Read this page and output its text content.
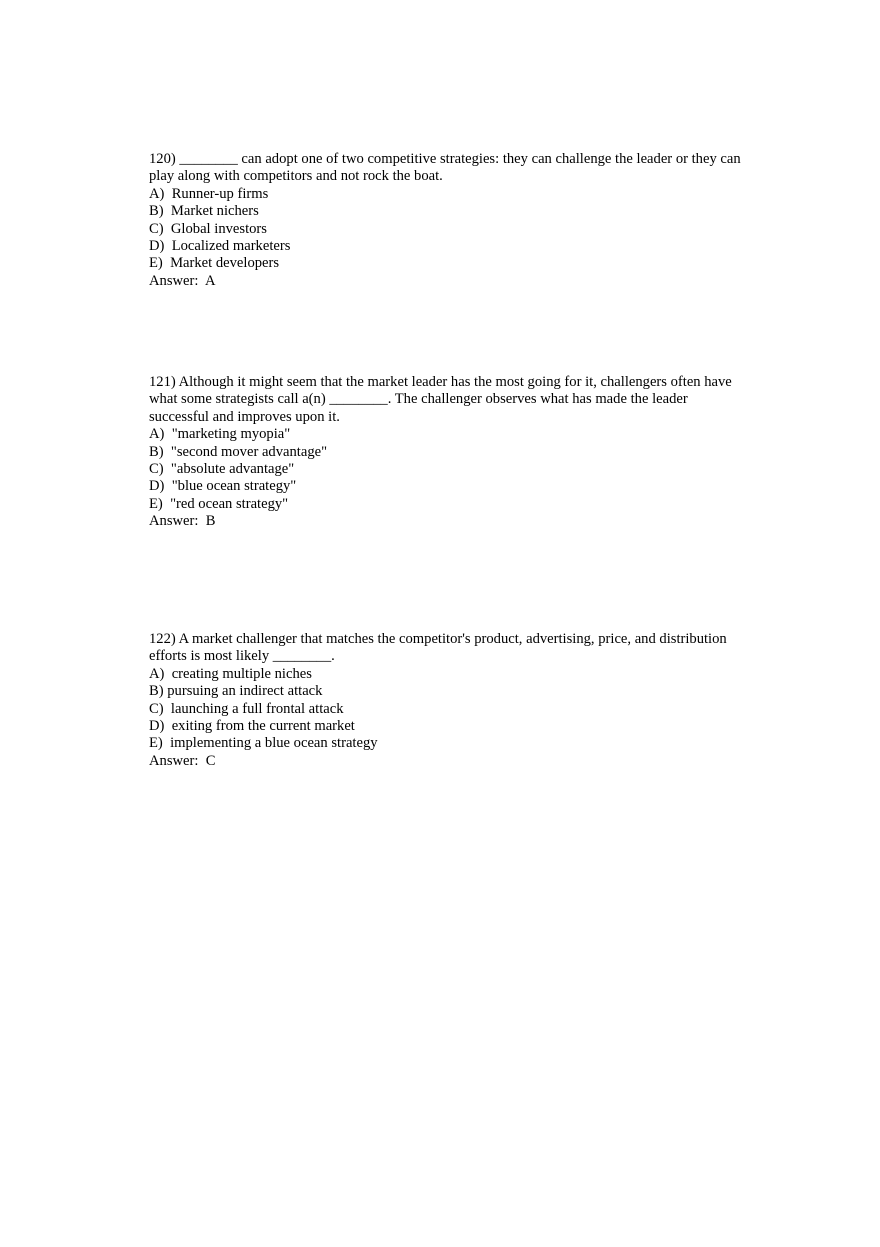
120) ________ can adopt one of two competitive strategies: they can challenge the leader or they can play along with competitors and not rock the boat.

A)  Runner-up firms
B)  Market nichers
C)  Global investors
D)  Localized marketers
E)  Market developers

Answer:  A

121) Although it might seem that the market leader has the most going for it, challengers often have what some strategists call a(n) ________. The challenger observes what has made the leader successful and improves upon it.

A)  "marketing myopia"
B)  "second mover advantage"
C)  "absolute advantage"
D)  "blue ocean strategy"
E)  "red ocean strategy"

Answer:  B

122) A market challenger that matches the competitor's product, advertising, price, and distribution efforts is most likely ________.

A)  creating multiple niches
B) pursuing an indirect attack
C)  launching a full frontal attack
D)  exiting from the current market
E)  implementing a blue ocean strategy

Answer:  C
